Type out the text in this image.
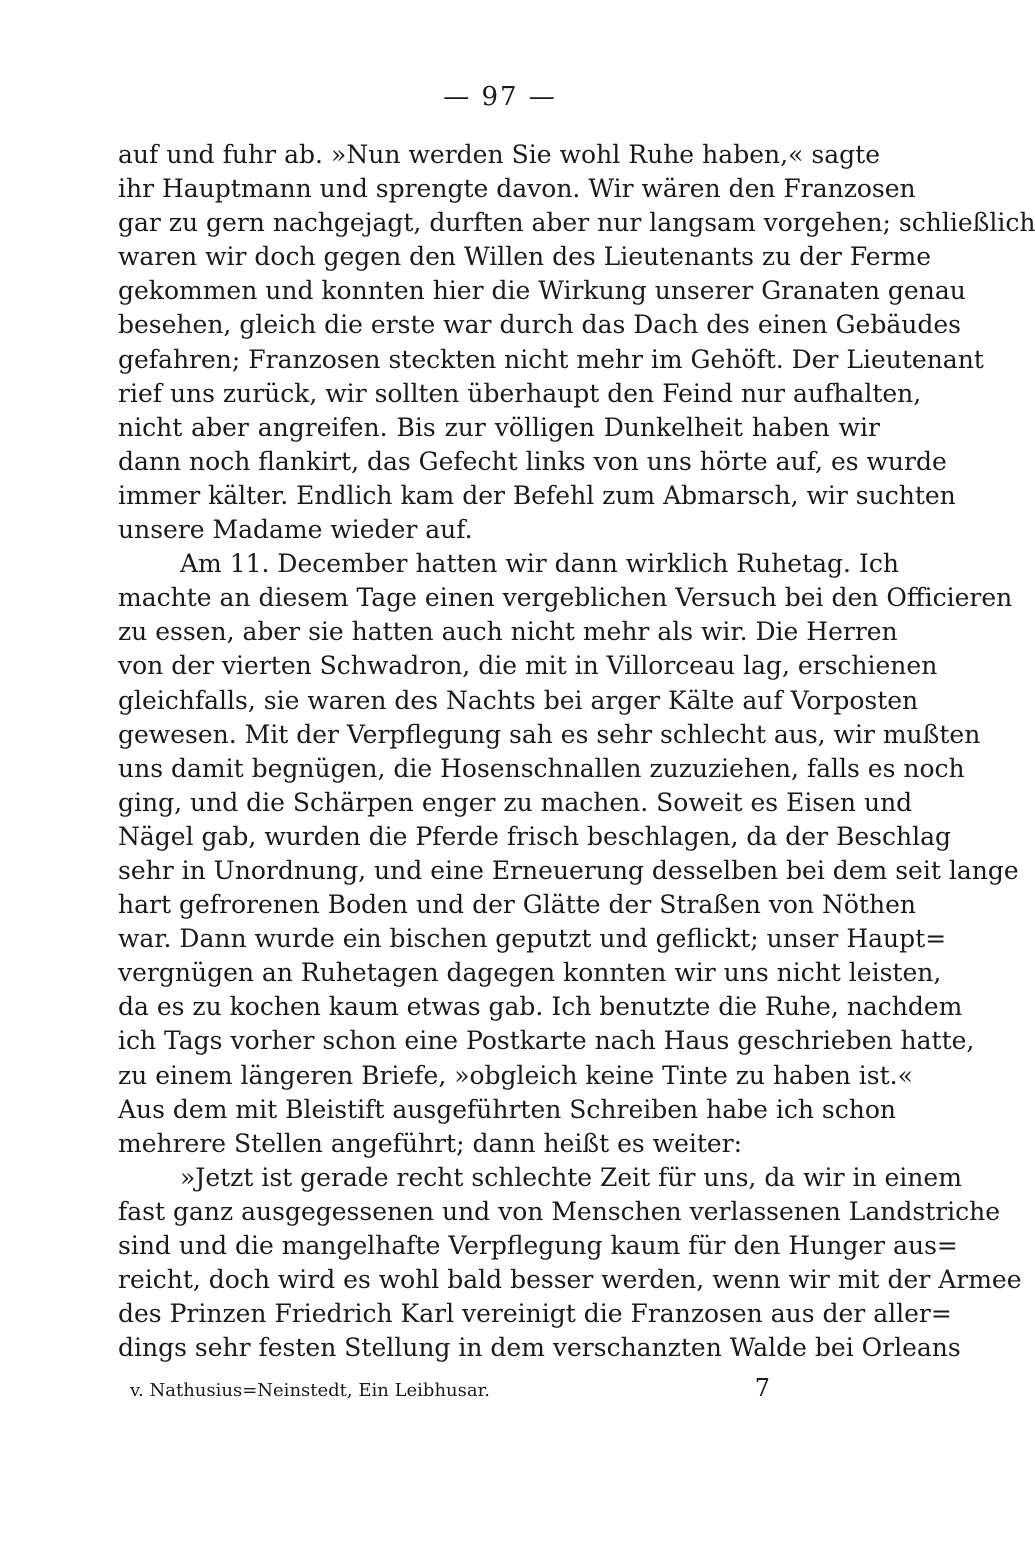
— 97 —
auf und fuhr ab. »Nun werden Sie wohl Ruhe haben,« sagte
ihr Hauptmann und sprengte davon. Wir wären den Franzosen
gar zu gern nachgejagt, durften aber nur langsam vorgehen; schließlich
waren wir doch gegen den Willen des Lieutenants zu der Ferme
gekommen und konnten hier die Wirkung unserer Granaten genau
besehen, gleich die erste war durch das Dach des einen Gebäudes
gefahren; Franzosen steckten nicht mehr im Gehöft. Der Lieutenant
rief uns zurück, wir sollten überhaupt den Feind nur aufhalten,
nicht aber angreifen. Bis zur völligen Dunkelheit haben wir
dann noch flankirt, das Gefecht links von uns hörte auf, es wurde
immer kälter. Endlich kam der Befehl zum Abmarsch, wir suchten
unsere Madame wieder auf.
Am 11. December hatten wir dann wirklich Ruhetag. Ich
machte an diesem Tage einen vergeblichen Versuch bei den Officieren
zu essen, aber sie hatten auch nicht mehr als wir. Die Herren
von der vierten Schwadron, die mit in Villorceau lag, erschienen
gleichfalls, sie waren des Nachts bei arger Kälte auf Vorposten
gewesen. Mit der Verpflegung sah es sehr schlecht aus, wir mußten
uns damit begnügen, die Hosenschnallen zuzuziehen, falls es noch
ging, und die Schärpen enger zu machen. Soweit es Eisen und
Nägel gab, wurden die Pferde frisch beschlagen, da der Beschlag
sehr in Unordnung, und eine Erneuerung desselben bei dem seit lange
hart gefrorenen Boden und der Glätte der Straßen von Nöthen
war. Dann wurde ein bischen geputzt und geflickt; unser Haupt=
vergnügen an Ruhetagen dagegen konnten wir uns nicht leisten,
da es zu kochen kaum etwas gab. Ich benutzte die Ruhe, nachdem
ich Tags vorher schon eine Postkarte nach Haus geschrieben hatte,
zu einem längeren Briefe, »obgleich keine Tinte zu haben ist.«
Aus dem mit Bleistift ausgeführten Schreiben habe ich schon
mehrere Stellen angeführt; dann heißt es weiter:
»Jetzt ist gerade recht schlechte Zeit für uns, da wir in einem
fast ganz ausgegessenen und von Menschen verlassenen Landstriche
sind und die mangelhafte Verpflegung kaum für den Hunger aus=
reicht, doch wird es wohl bald besser werden, wenn wir mit der Armee
des Prinzen Friedrich Karl vereinigt die Franzosen aus der aller=
dings sehr festen Stellung in dem verschanzten Walde bei Orleans
v. Nathusius=Neinstedt, Ein Leibhusar.	7
